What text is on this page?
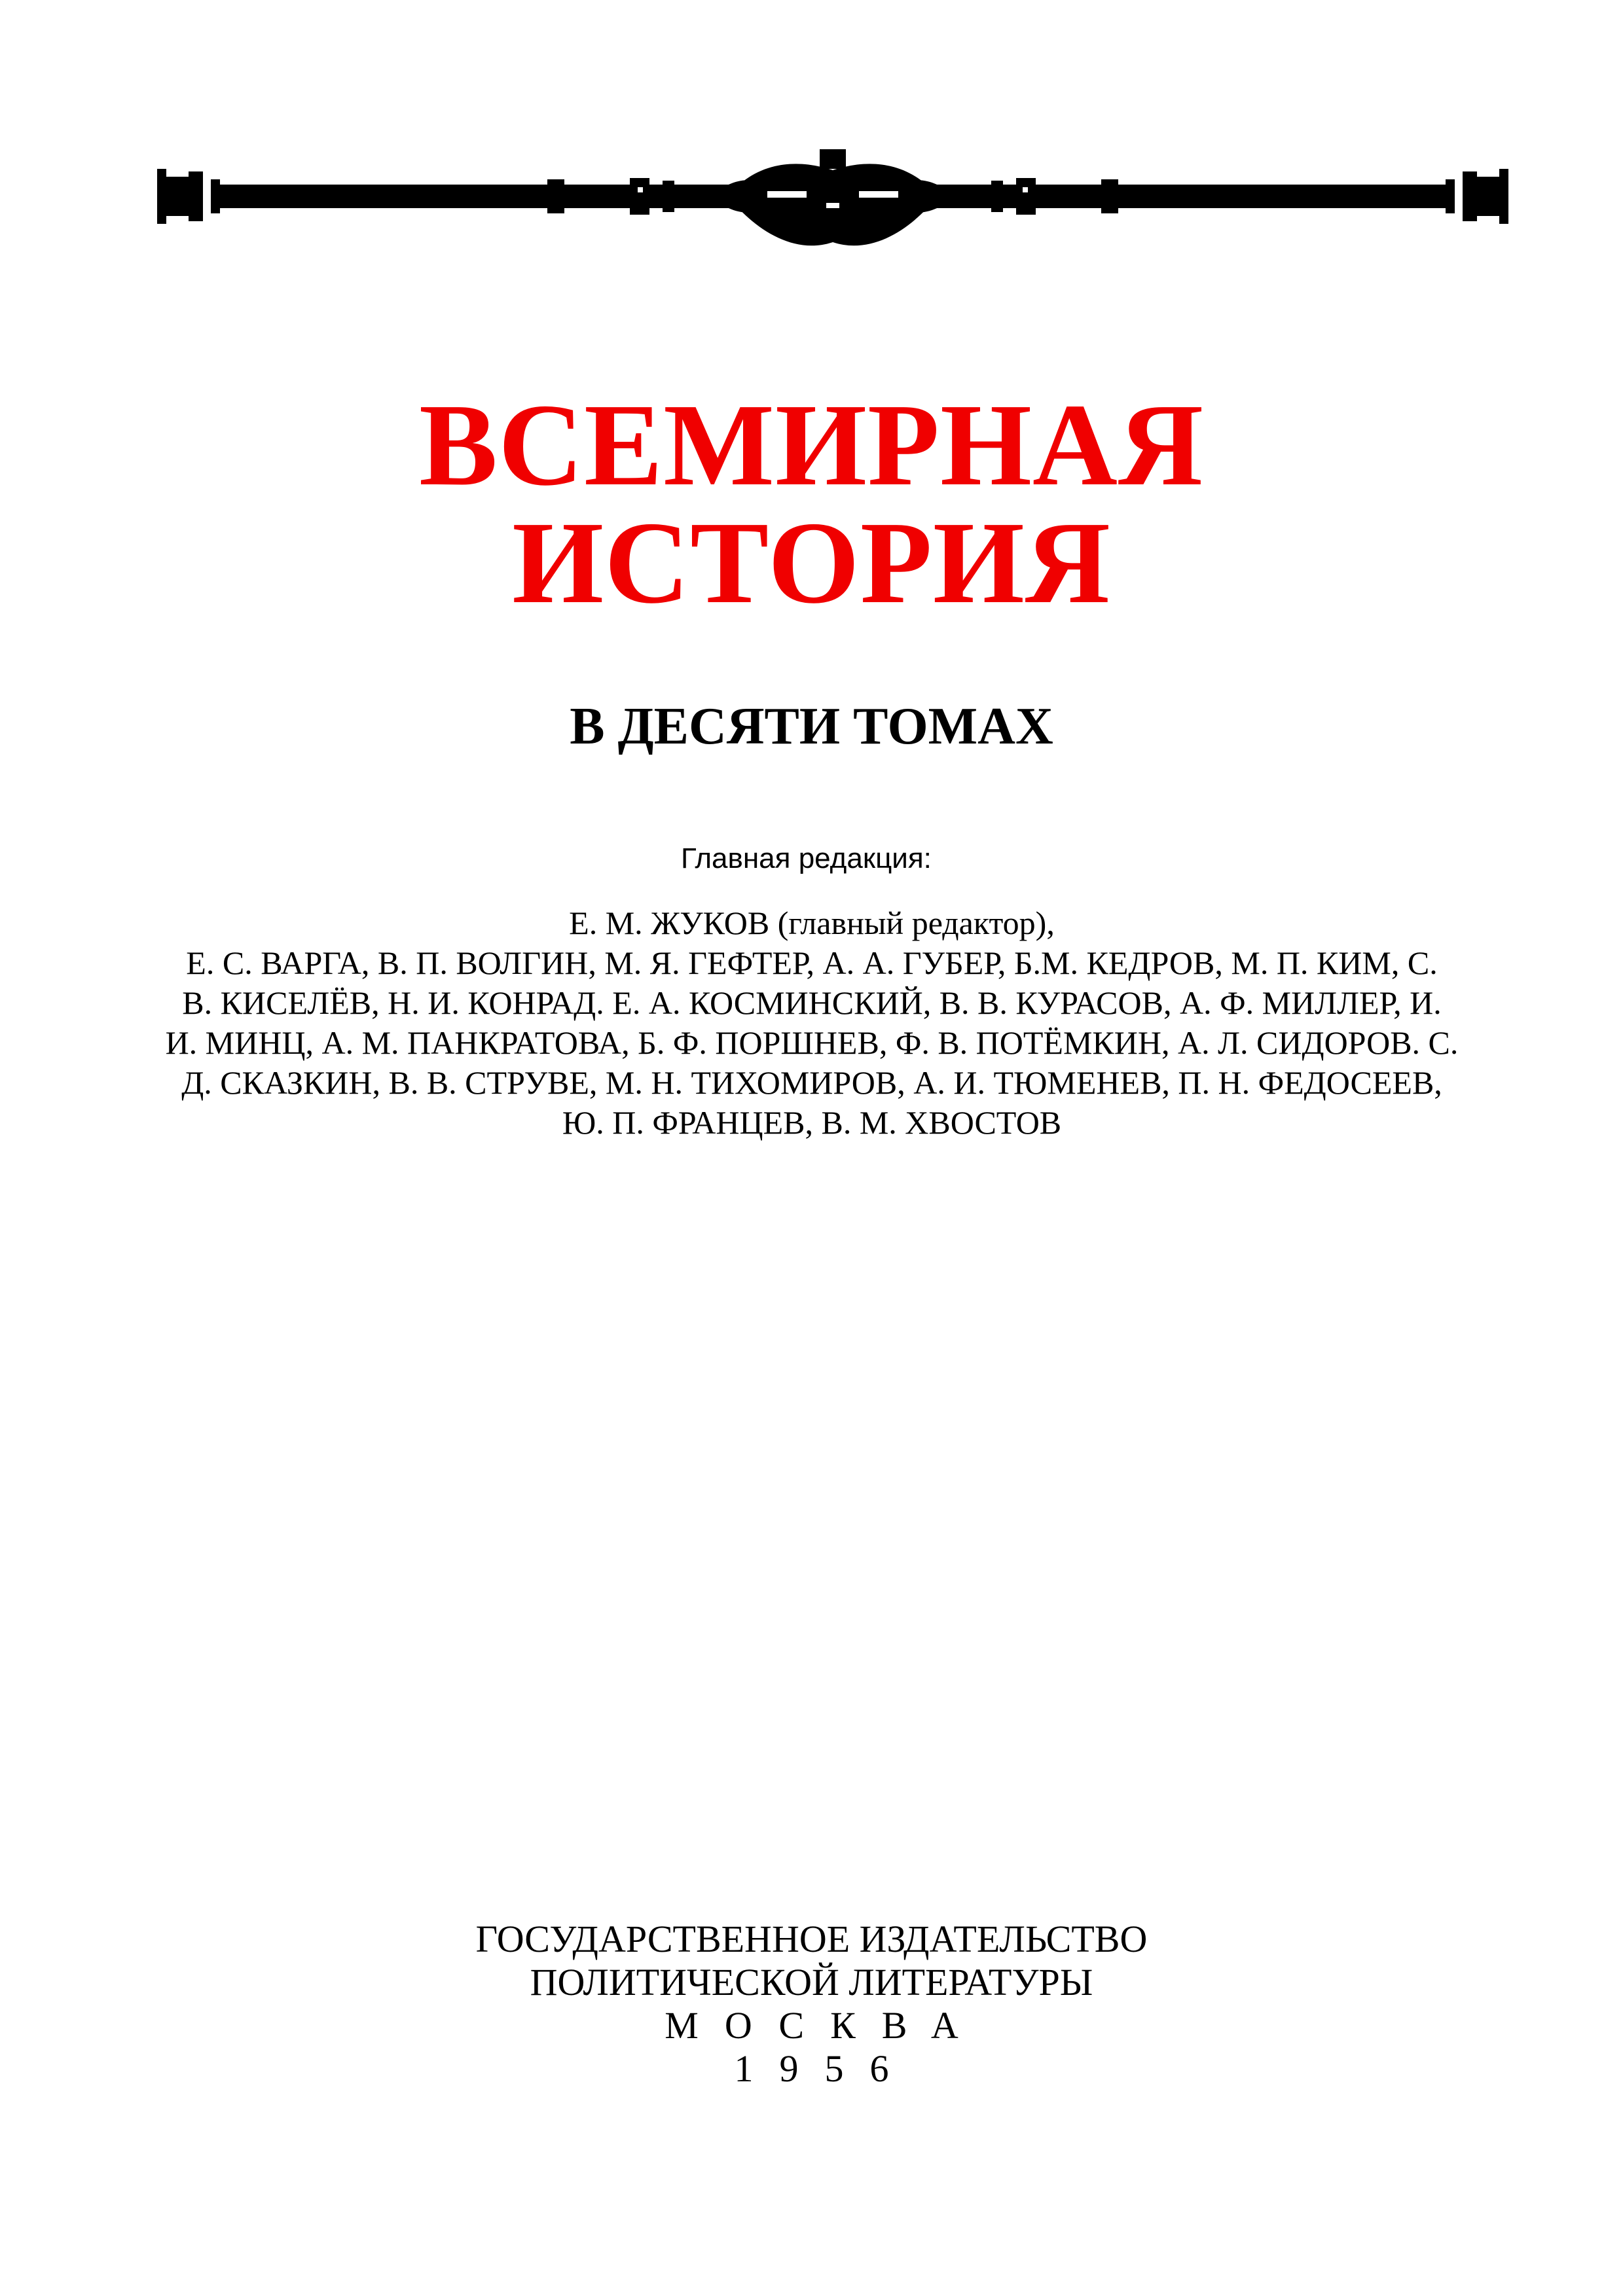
ВСЕМИРНАЯ
ИСТОРИЯ
В ДЕСЯТИ ТОМАХ
Главная редакция:
Е. М. ЖУКОВ (главный редактор),
Е. С. ВАРГА, В. П. ВОЛГИН, М. Я. ГЕФТЕР, А. А. ГУБЕР, Б.М. КЕДРОВ, М. П. КИМ, С.
В. КИСЕЛЁВ, Н. И. КОНРАД. Е. А. КОСМИНСКИЙ, В. В. КУРАСОВ, А. Ф. МИЛЛЕР, И.
И. МИНЦ, А. М. ПАНКРАТОВА, Б. Ф. ПОРШНЕВ, Ф. В. ПОТЁМКИН, А. Л. СИДОРОВ. С.
Д. СКАЗКИН, В. В. СТРУВЕ, М. Н. ТИХОМИРОВ, А. И. ТЮМЕНЕВ, П. Н. ФЕДОСЕЕВ,
Ю. П. ФРАНЦЕВ, В. М. ХВОСТОВ
ГОСУДАРСТВЕННОЕ ИЗДАТЕЛЬСТВО
ПОЛИТИЧЕСКОЙ ЛИТЕРАТУРЫ
МОСКВА
1956
